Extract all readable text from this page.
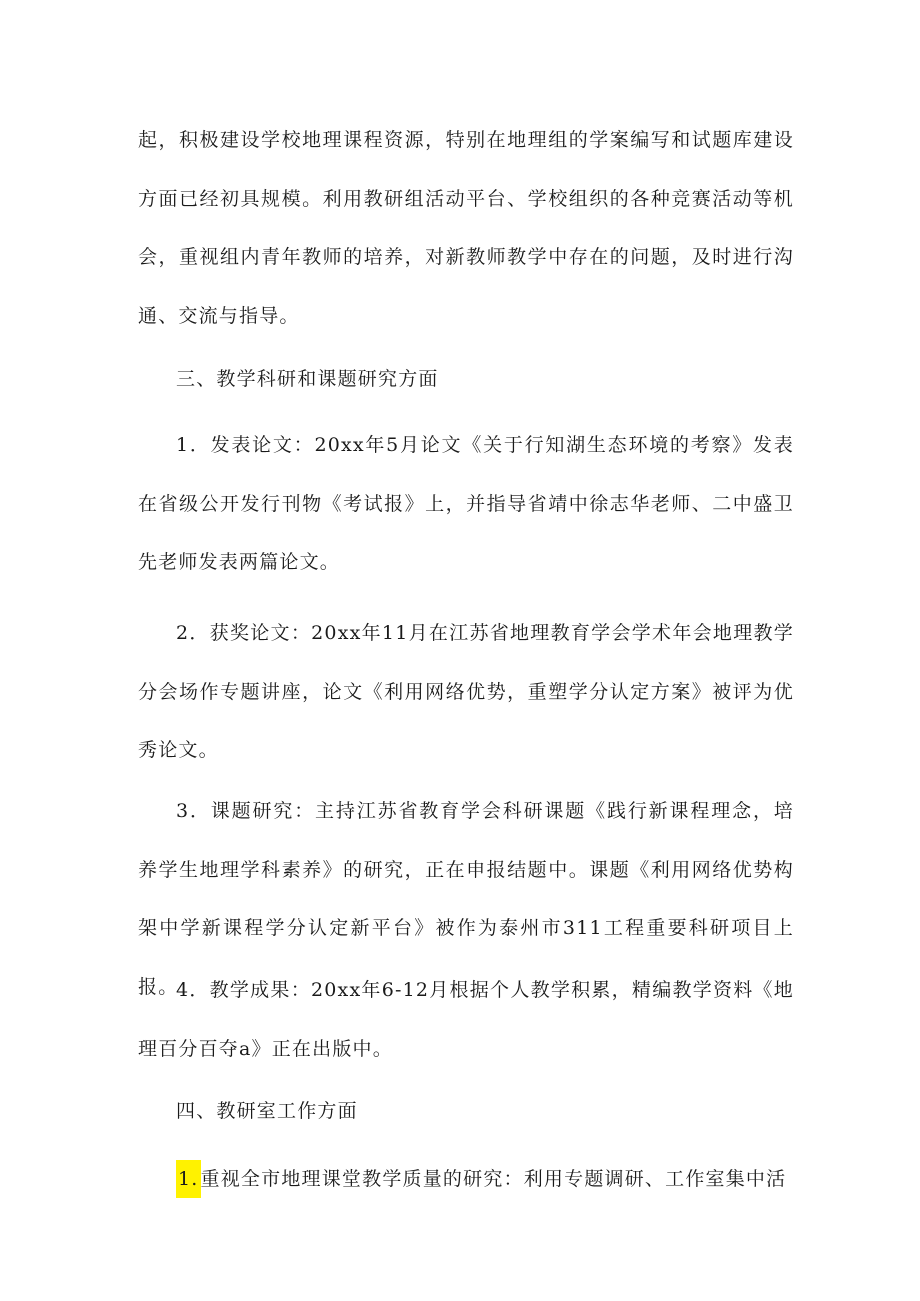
起，积极建设学校地理课程资源，特别在地理组的学案编写和试题库建设方面已经初具规模。利用教研组活动平台、学校组织的各种竞赛活动等机会，重视组内青年教师的培养，对新教师教学中存在的问题，及时进行沟通、交流与指导。

三、教学科研和课题研究方面

1．发表论文：20xx年5月论文《关于行知湖生态环境的考察》发表在省级公开发行刊物《考试报》上，并指导省靖中徐志华老师、二中盛卫先老师发表两篇论文。

2．获奖论文：20xx年11月在江苏省地理教育学会学术年会地理教学分会场作专题讲座，论文《利用网络优势，重塑学分认定方案》被评为优秀论文。

3．课题研究：主持江苏省教育学会科研课题《践行新课程理念，培养学生地理学科素养》的研究，正在申报结题中。课题《利用网络优势构架中学新课程学分认定新平台》被作为泰州市311工程重要科研项目上报。

4．教学成果：20xx年6-12月根据个人教学积累，精编教学资料《地理百分百夺a》正在出版中。

四、教研室工作方面

1. 重视全市地理课堂教学质量的研究：利用专题调研、工作室集中活
